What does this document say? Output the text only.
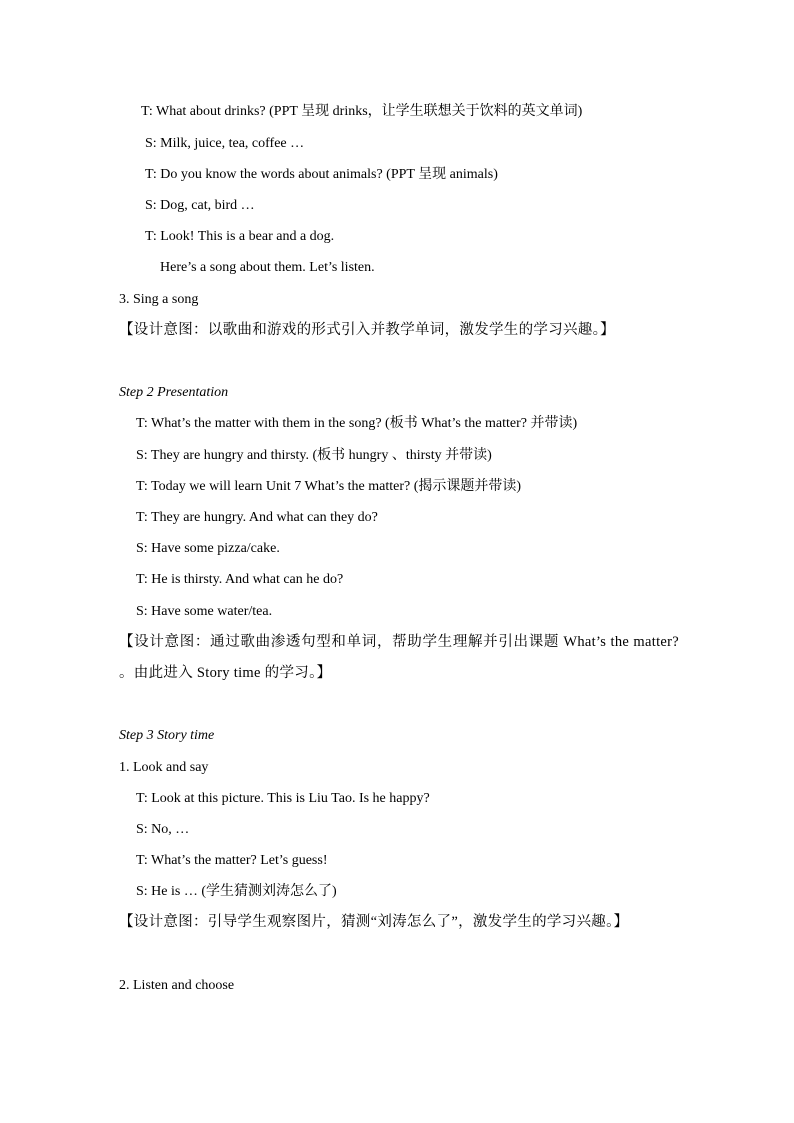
T: What about drinks? (PPT 呈现 drinks，让学生联想关于饮料的英文单词)
S: Milk, juice, tea, coffee …
T: Do you know the words about animals? (PPT 呈现 animals)
S: Dog, cat, bird …
T: Look! This is a bear and a dog.
Here’s a song about them. Let’s listen.
3. Sing a song
【设计意图：以歌曲和游戏的形式引入并教学单词，激发学生的学习兴趣。】
Step 2 Presentation
T: What’s the matter with them in the song? (板书 What’s the matter? 并带读)
S: They are hungry and thirsty. (板书 hungry 、thirsty 并带读)
T: Today we will learn Unit 7 What’s the matter? (揭示课题并带读)
T: They are hungry. And what can they do?
S: Have some pizza/cake.
T: He is thirsty. And what can he do?
S: Have some water/tea.
【设计意图：通过歌曲渗透句型和单词，帮助学生理解并引出课题 What’s the matter? 。由此进入 Story time 的学习。】
Step 3 Story time
1. Look and say
T: Look at this picture. This is Liu Tao. Is he happy?
S: No, …
T: What’s the matter? Let’s guess!
S: He is … (学生猜测刘涛怎么了)
【设计意图：引导学生观察图片，猜测“刘涛怎么了”，激发学生的学习兴趣。】
2. Listen and choose
